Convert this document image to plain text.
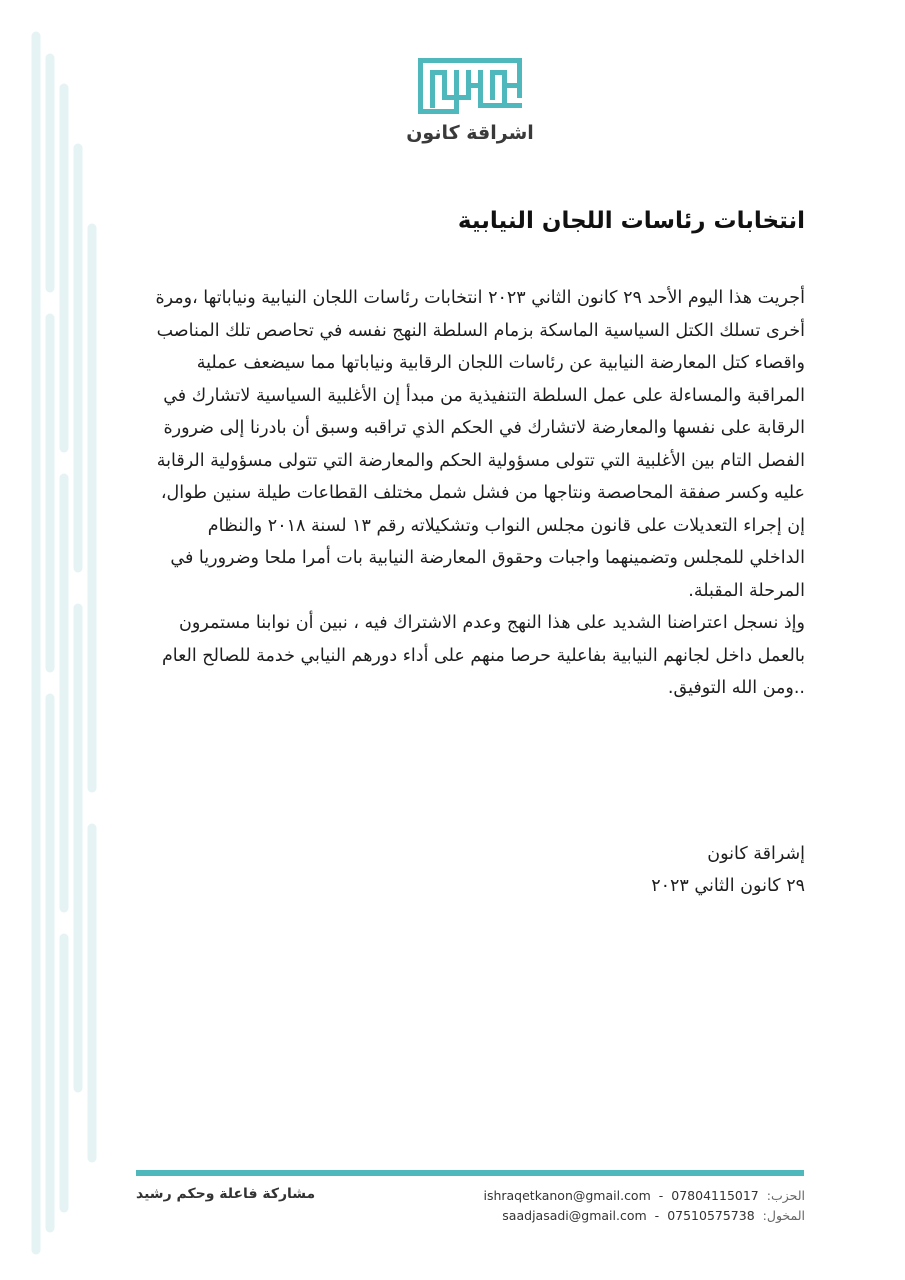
اشراقة كانون
انتخابات رئاسات اللجان النيابية

أجريت هذا اليوم الأحد ٢٩ كانون الثاني ٢٠٢٣ انتخابات رئاسات اللجان النيابية ونياباتها ،ومرة أخرى تسلك الكتل السياسية الماسكة بزمام السلطة النهج نفسه في تحاصص تلك المناصب واقصاء كتل المعارضة النيابية عن رئاسات اللجان الرقابية ونياباتها مما سيضعف عملية المراقبة والمساءلة على عمل السلطة التنفيذية من مبدأ إن الأغلبية السياسية لاتشارك في الرقابة على نفسها والمعارضة لاتشارك في الحكم الذي تراقبه وسبق أن بادرنا إلى ضرورة الفصل التام بين الأغلبية التي تتولى مسؤولية الحكم والمعارضة التي تتولى مسؤولية الرقابة عليه وكسر صفقة المحاصصة ونتاجها من فشل شمل مختلف القطاعات طيلة سنين طوال، إن إجراء التعديلات على قانون مجلس النواب وتشكيلاته رقم ١٣ لسنة ٢٠١٨ والنظام الداخلي للمجلس وتضمينهما واجبات وحقوق المعارضة النيابية بات أمرا ملحا وضروريا في المرحلة المقبلة.

وإذ نسجل اعتراضنا الشديد على هذا النهج وعدم الاشتراك فيه ، نبين أن نوابنا مستمرون بالعمل داخل لجانهم النيابية بفاعلية حرصا منهم على أداء دورهم النيابي خدمة للصالح العام ..ومن الله التوفيق.

إشراقة كانون
٢٩ كانون الثاني ٢٠٢٣
مشاركة فاعلة وحكم رشيد	ishraqetkanon@gmail.com - 07804115017 الحزب:
saadjasadi@gmail.com - 07510575738 المخول:
